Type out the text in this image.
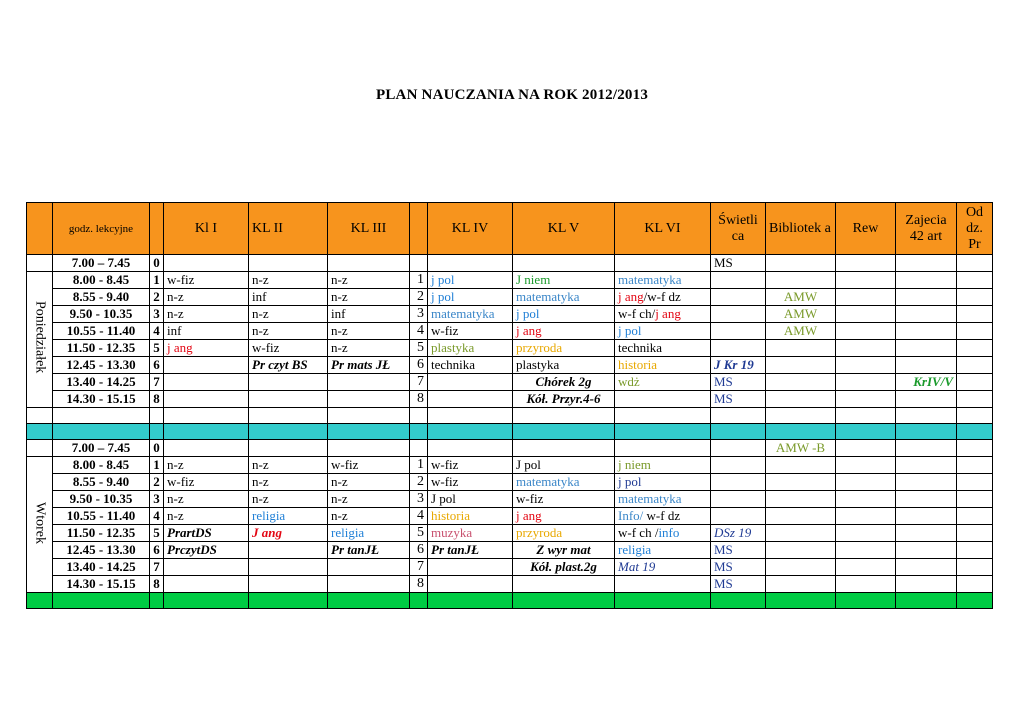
PLAN NAUCZANIA NA ROK 2012/2013
	godz. lekcyjne		Kl I	KL II	KL III		KL IV	KL V	KL VI	Świetli ca	Bibliotek a	Rew	Zajecia 42 art	Od dz. Pr
	7.00 – 7.45	0								MS				
Poniedziałek	8.00 - 8.45	1	w-fiz	n-z	n-z	1	j pol	J niem	matematyka					
	8.55 - 9.40	2	n-z	inf	n-z	2	j pol	matematyka	j ang/w-f dz		AMW			
	9.50 - 10.35	3	n-z	n-z	inf	3	matematyka	j pol	w-f ch/j ang		AMW			
	10.55 - 11.40	4	inf	n-z	n-z	4	w-fiz	j ang	j pol		AMW			
	11.50 - 12.35	5	j ang	w-fiz	n-z	5	plastyka	przyroda	technika					
	12.45 - 13.30	6		Pr czyt BS	Pr mats JŁ	6	technika	plastyka	historia	J Kr 19				
	13.40 - 14.25	7				7		Chórek 2g	wdż	MS			KrIV/V	
	14.30 - 15.15	8				8		Kół. Przyr.4-6		MS				

	7.00 – 7.45	0									AMW -B			
Wtorek	8.00 - 8.45	1	n-z	n-z	w-fiz	1	w-fiz	J pol	j niem					
	8.55 - 9.40	2	w-fiz	n-z	n-z	2	w-fiz	matematyka	j pol					
	9.50 - 10.35	3	n-z	n-z	n-z	3	J pol	w-fiz	matematyka					
	10.55 - 11.40	4	n-z	religia	n-z	4	historia	j ang	Info/ w-f dz					
	11.50 - 12.35	5	PrartDS	J ang	religia	5	muzyka	przyroda	w-f ch /info	DSz 19				
	12.45 - 13.30	6	PrczytDS		Pr tanJŁ	6	Pr tanJŁ	Z wyr mat	religia	MS				
	13.40 - 14.25	7				7		Kół. plast.2g	Mat 19	MS				
	14.30 - 15.15	8				8				MS				
